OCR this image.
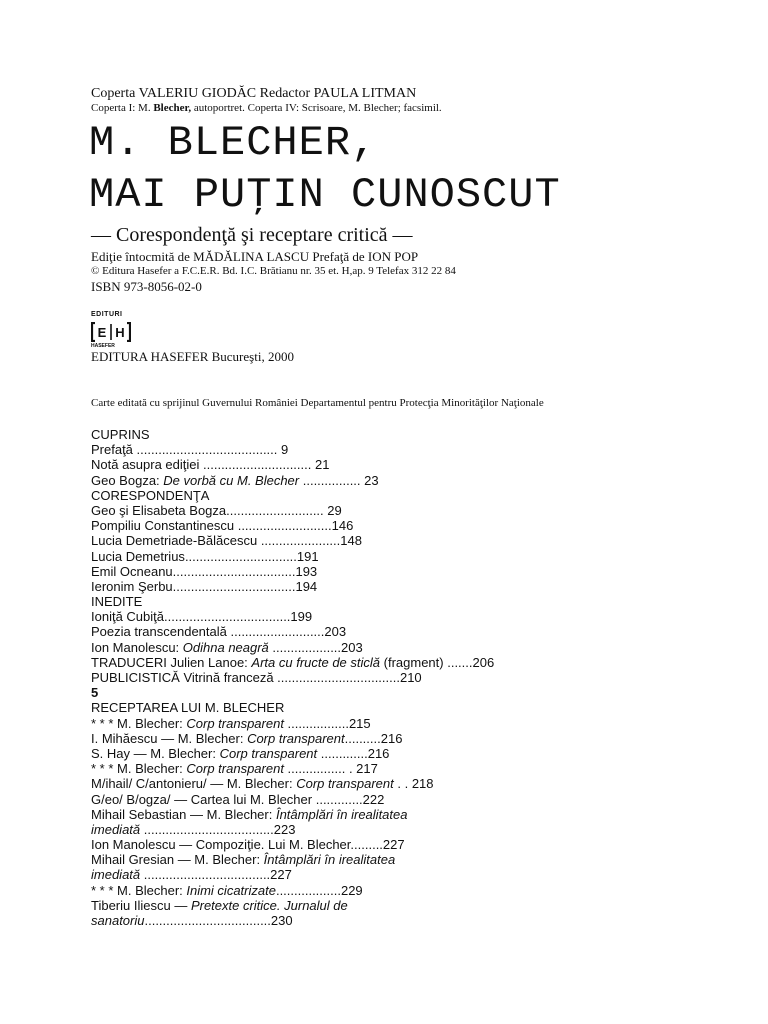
Coperta VALERIU GIODĂC Redactor PAULA LITMAN
Coperta I: M. Blecher, autoportret. Coperta IV: Scrisoare, M. Blecher; facsimil.
M. BLECHER,
MAI PUŢIN CUNOSCUT
— Corespondenţă şi receptare critică —
Ediţie întocmită de MĂDĂLINA LASCU Prefaţă de ION POP
© Editura Hasefer a F.C.E.R. Bd. I.C. Brătianu nr. 35 et. H,ap. 9 Telefax 312 22 84
ISBN 973-8056-02-0
EDITURI
E H
HASEFER
EDITURA HASEFER Bucureşti, 2000
Carte editată cu sprijinul Guvernului României Departamentul pentru Protecţia Minorităţilor Naţionale
CUPRINS
Prefaţă ....................................... 9
Notă asupra ediţiei .............................. 21
Geo Bogza: De vorbă cu M. Blecher ................ 23
CORESPONDENŢA
Geo şi Elisabeta Bogza........................... 29
Pompiliu Constantinescu ..........................146
Lucia Demetriade-Bălăcescu ......................148
Lucia Demetrius...............................191
Emil Ocneanu..................................193
Ieronim Şerbu..................................194
INEDITE
Ioniţă Cubiţă...................................199
Poezia transcendentală ..........................203
Ion Manolescu: Odihna neagră ...................203
TRADUCERI Julien Lanoe: Arta cu fructe de sticlă (fragment) .......206
PUBLICISTICĂ Vitrină franceză ..................................210
5
RECEPTAREA LUI M. BLECHER
* * * M. Blecher: Corp transparent .................215
I. Mihăescu — M. Blecher: Corp transparent..........216
S. Hay — M. Blecher: Corp transparent .............216
* * * M. Blecher: Corp transparent ................ . 217
M/ihail/ C/antonieru/ — M. Blecher: Corp transparent . . 218
G/eo/ B/ogza/ — Cartea lui M. Blecher .............222
Mihail Sebastian — M. Blecher: Întâmplări în irealitatea
imediată ....................................223
Ion Manolescu — Compoziţie. Lui M. Blecher.........227
Mihail Gresian — M. Blecher: Întâmplări în irealitatea
imediată ...................................227
* * * M. Blecher: Inimi cicatrizate..................229
Tiberiu Iliescu — Pretexte critice. Jurnalul de
sanatoriu...................................230
